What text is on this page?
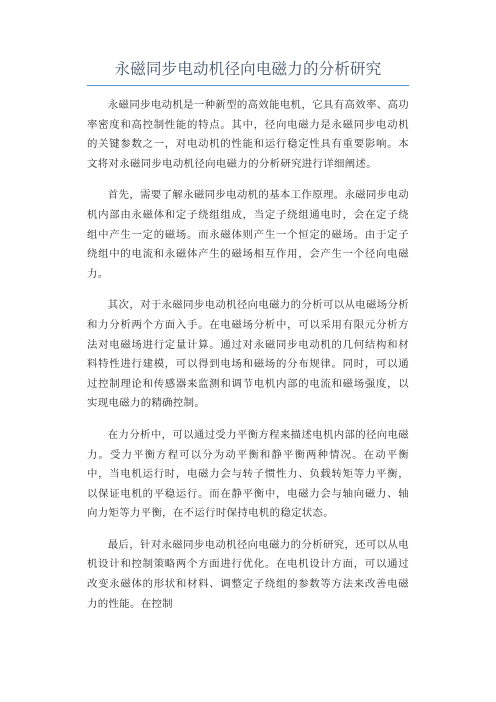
永磁同步电动机径向电磁力的分析研究

永磁同步电动机是一种新型的高效能电机，它具有高效率、高功率密度和高控制性能的特点。其中，径向电磁力是永磁同步电动机的关键参数之一，对电动机的性能和运行稳定性具有重要影响。本文将对永磁同步电动机径向电磁力的分析研究进行详细阐述。

首先，需要了解永磁同步电动机的基本工作原理。永磁同步电动机内部由永磁体和定子绕组组成，当定子绕组通电时，会在定子绕组中产生一定的磁场。而永磁体则产生一个恒定的磁场。由于定子绕组中的电流和永磁体产生的磁场相互作用，会产生一个径向电磁力。

其次，对于永磁同步电动机径向电磁力的分析可以从电磁场分析和力分析两个方面入手。在电磁场分析中，可以采用有限元分析方法对电磁场进行定量计算。通过对永磁同步电动机的几何结构和材料特性进行建模，可以得到电场和磁场的分布规律。同时，可以通过控制理论和传感器来监测和调节电机内部的电流和磁场强度，以实现电磁力的精确控制。

在力分析中，可以通过受力平衡方程来描述电机内部的径向电磁力。受力平衡方程可以分为动平衡和静平衡两种情况。在动平衡中，当电机运行时，电磁力会与转子惯性力、负载转矩等力平衡，以保证电机的平稳运行。而在静平衡中，电磁力会与轴向磁力、轴向力矩等力平衡，在不运行时保持电机的稳定状态。

最后，针对永磁同步电动机径向电磁力的分析研究，还可以从电机设计和控制策略两个方面进行优化。在电机设计方面，可以通过改变永磁体的形状和材料、调整定子绕组的参数等方法来改善电磁力的性能。在控制
